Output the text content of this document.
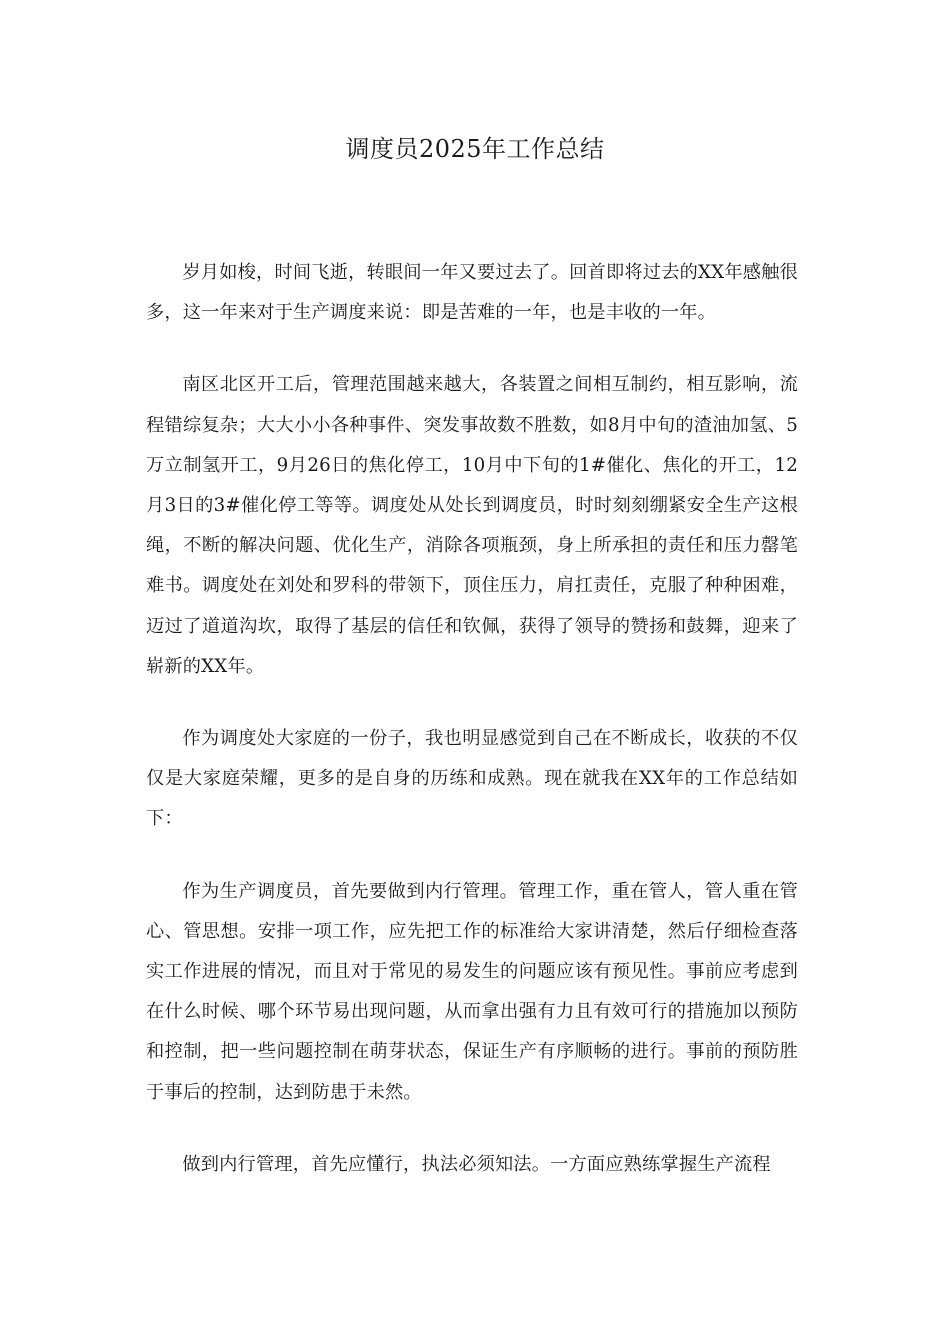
调度员2025年工作总结

岁月如梭，时间飞逝，转眼间一年又要过去了。回首即将过去的XX年感触很多，这一年来对于生产调度来说：即是苦难的一年，也是丰收的一年。

南区北区开工后，管理范围越来越大，各装置之间相互制约，相互影响，流程错综复杂；大大小小各种事件、突发事故数不胜数，如8月中旬的渣油加氢、5万立制氢开工，9月26日的焦化停工，10月中下旬的1#催化、焦化的开工，12月3日的3#催化停工等等。调度处从处长到调度员，时时刻刻绷紧安全生产这根绳，不断的解决问题、优化生产，消除各项瓶颈，身上所承担的责任和压力罄笔难书。调度处在刘处和罗科的带领下，顶住压力，肩扛责任，克服了种种困难，迈过了道道沟坎，取得了基层的信任和钦佩，获得了领导的赞扬和鼓舞，迎来了崭新的XX年。

作为调度处大家庭的一份子，我也明显感觉到自己在不断成长，收获的不仅仅是大家庭荣耀，更多的是自身的历练和成熟。现在就我在XX年的工作总结如下：

作为生产调度员，首先要做到内行管理。管理工作，重在管人，管人重在管心、管思想。安排一项工作，应先把工作的标准给大家讲清楚，然后仔细检查落实工作进展的情况，而且对于常见的易发生的问题应该有预见性。事前应考虑到在什么时候、哪个环节易出现问题，从而拿出强有力且有效可行的措施加以预防和控制，把一些问题控制在萌芽状态，保证生产有序顺畅的进行。事前的预防胜于事后的控制，达到防患于未然。

做到内行管理，首先应懂行，执法必须知法。一方面应熟练掌握生产流程
